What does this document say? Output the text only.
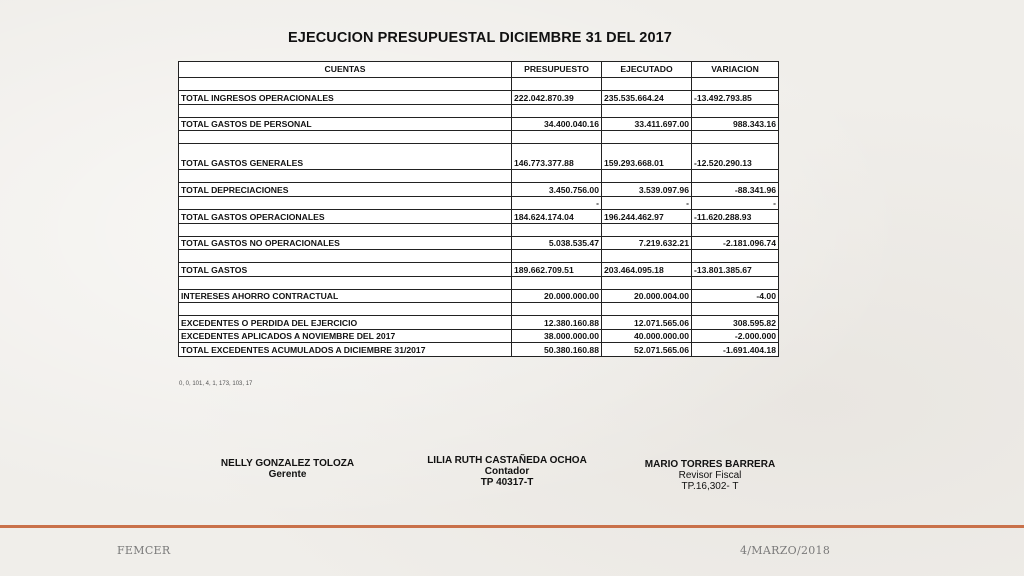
EJECUCION PRESUPUESTAL DICIEMBRE 31 DEL 2017
CUENTAS	PRESUPUESTO	EJECUTADO	VARIACION

TOTAL INGRESOS OPERACIONALES	222.042.870.39	235.535.664.24	-13.492.793.85

TOTAL GASTOS DE PERSONAL	34.400.040.16	33.411.697.00	988.343.16

TOTAL GASTOS GENERALES	146.773.377.88	159.293.668.01	-12.520.290.13

TOTAL DEPRECIACIONES	3.450.756.00	3.539.097.96	-88.341.96
	-	-	-
TOTAL GASTOS OPERACIONALES	184.624.174.04	196.244.462.97	-11.620.288.93

TOTAL GASTOS NO OPERACIONALES	5.038.535.47	7.219.632.21	-2.181.096.74

TOTAL GASTOS	189.662.709.51	203.464.095.18	-13.801.385.67

INTERESES AHORRO CONTRACTUAL	20.000.000.00	20.000.004.00	-4.00

EXCEDENTES O PERDIDA DEL EJERCICIO	12.380.160.88	12.071.565.06	308.595.82
EXCEDENTES APLICADOS A NOVIEMBRE DEL 2017	38.000.000.00	40.000.000.00	-2.000.000
TOTAL EXCEDENTES ACUMULADOS A DICIEMBRE 31/2017	50.380.160.88	52.071.565.06	-1.691.404.18
0, 0, 101, 4, 1, 173, 103, 17
NELLY GONZALEZ TOLOZA
Gerente
LILIA RUTH CASTAÑEDA OCHOA
Contador
TP 40317-T
MARIO TORRES BARRERA
Revisor Fiscal
TP.16,302- T
FEMCER	4/MARZO/2018
